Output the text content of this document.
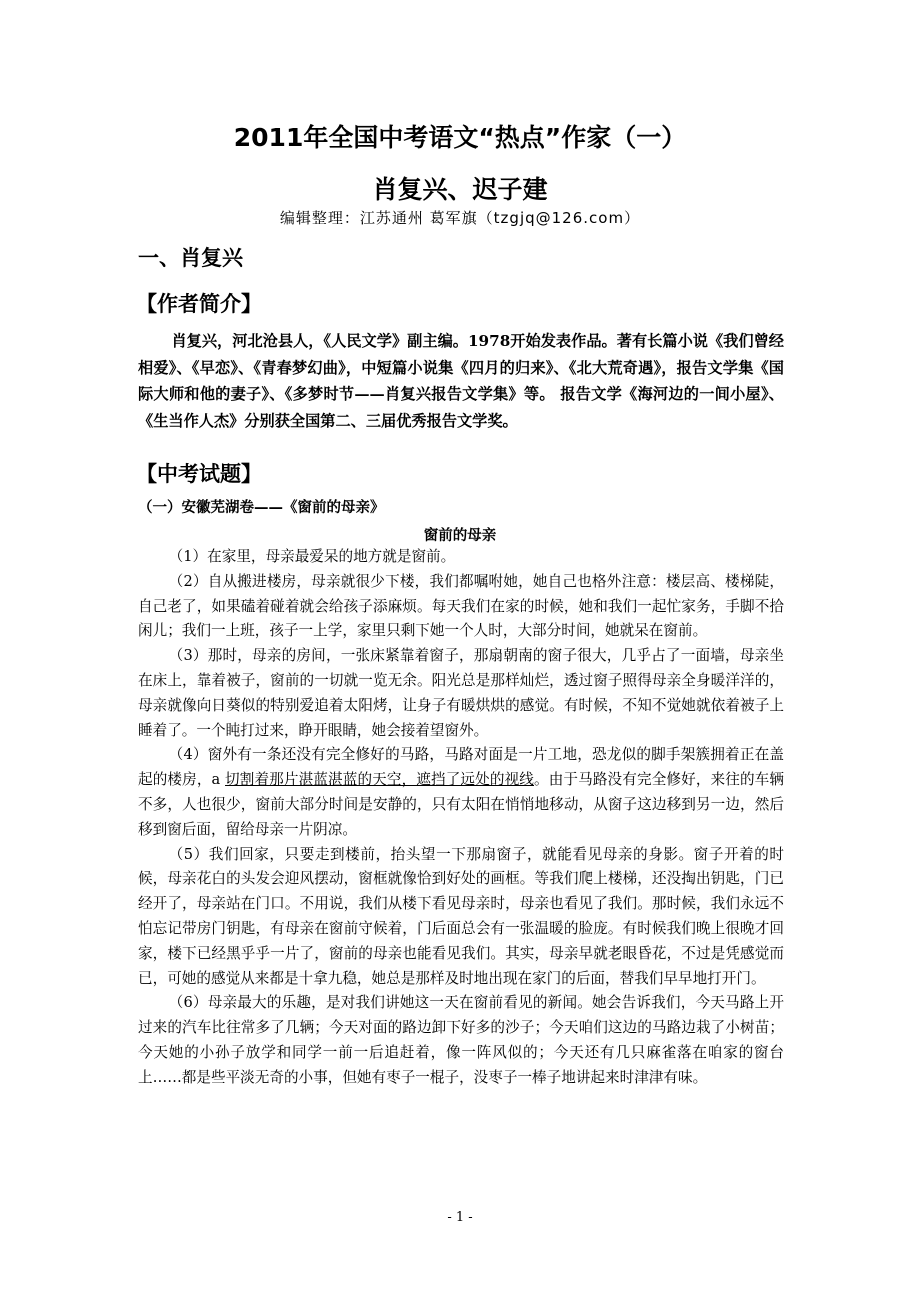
2011年全国中考语文“热点”作家（一）
肖复兴、迟子建
编辑整理：江苏通州 葛军旗（tzgjq@126.com）
一、肖复兴
【作者简介】
肖复兴，河北沧县人，《人民文学》副主编。1978开始发表作品。著有长篇小说《我们曾经相爱》、《早恋》、《青春梦幻曲》，中短篇小说集《四月的归来》、《北大荒奇遇》，报告文学集《国际大师和他的妻子》、《多梦时节——肖复兴报告文学集》等。 报告文学《海河边的一间小屋》、《生当作人杰》分别获全国第二、三届优秀报告文学奖。
【中考试题】
（一）安徽芜湖卷——《窗前的母亲》
窗前的母亲

（1）在家里，母亲最爱呆的地方就是窗前。

（2）自从搬进楼房，母亲就很少下楼，我们都嘱咐她，她自己也格外注意：楼层高、楼梯陡，自己老了，如果磕着碰着就会给孩子添麻烦。每天我们在家的时候，她和我们一起忙家务，手脚不拾闲儿；我们一上班，孩子一上学，家里只剩下她一个人时，大部分时间，她就呆在窗前。

（3）那时，母亲的房间，一张床紧靠着窗子，那扇朝南的窗子很大，几乎占了一面墙，母亲坐在床上，靠着被子，窗前的一切就一览无余。阳光总是那样灿烂，透过窗子照得母亲全身暖洋洋的，母亲就像向日葵似的特别爱追着太阳烤，让身子有暖烘烘的感觉。有时候，不知不觉她就依着被子上睡着了。一个盹打过来，睁开眼睛，她会接着望窗外。

（4）窗外有一条还没有完全修好的马路，马路对面是一片工地，恐龙似的脚手架簇拥着正在盖起的楼房，a 切割着那片湛蓝湛蓝的天空，遮挡了远处的视线。由于马路没有完全修好，来往的车辆不多，人也很少，窗前大部分时间是安静的，只有太阳在悄悄地移动，从窗子这边移到另一边，然后移到窗后面，留给母亲一片阴凉。

（5）我们回家，只要走到楼前，抬头望一下那扇窗子，就能看见母亲的身影。窗子开着的时候，母亲花白的头发会迎风摆动，窗框就像恰到好处的画框。等我们爬上楼梯，还没掏出钥匙，门已经开了，母亲站在门口。不用说，我们从楼下看见母亲时，母亲也看见了我们。那时候，我们永远不怕忘记带房门钥匙，有母亲在窗前守候着，门后面总会有一张温暖的脸庞。有时候我们晚上很晚才回家，楼下已经黑乎乎一片了，窗前的母亲也能看见我们。其实，母亲早就老眼昏花，不过是凭感觉而已，可她的感觉从来都是十拿九稳，她总是那样及时地出现在家门的后面，替我们早早地打开门。

（6）母亲最大的乐趣，是对我们讲她这一天在窗前看见的新闻。她会告诉我们，今天马路上开过来的汽车比往常多了几辆；今天对面的路边卸下好多的沙子；今天咱们这边的马路边栽了小树苗；今天她的小孙子放学和同学一前一后追赶着，像一阵风似的；今天还有几只麻雀落在咱家的窗台上……都是些平淡无奇的小事，但她有枣子一棍子，没枣子一棒子地讲起来时津津有味。

- 1 -
